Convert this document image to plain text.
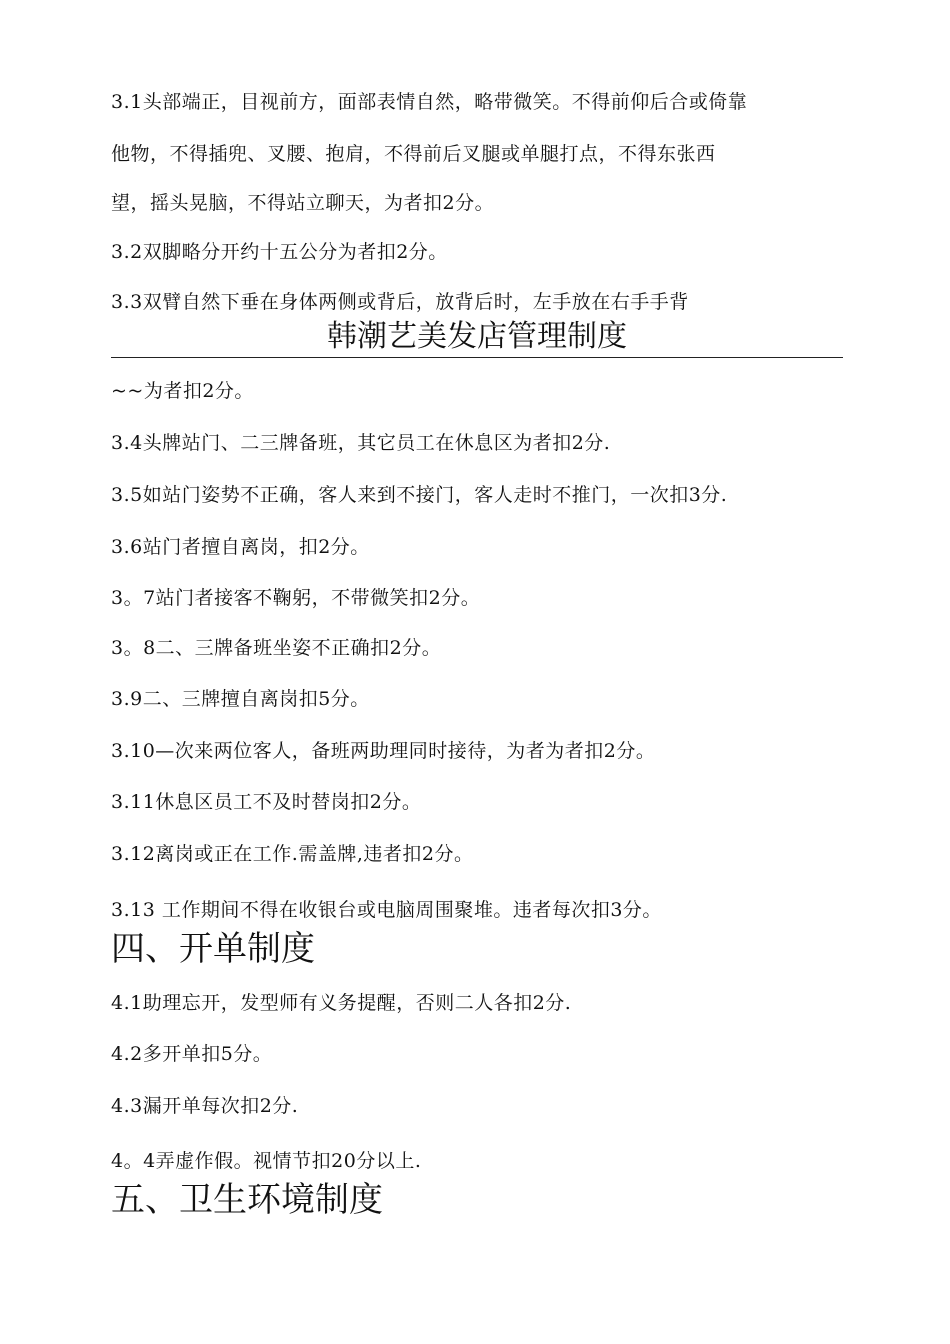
3.1头部端正，目视前方，面部表情自然，略带微笑。不得前仰后合或倚靠
他物，不得插兜、叉腰、抱肩，不得前后叉腿或单腿打点，不得东张西
望，摇头晃脑，不得站立聊天，为者扣2分。
3.2双脚略分开约十五公分为者扣2分。
3.3双臂自然下垂在身体两侧或背后，放背后时，左手放在右手手背
韩潮艺美发店管理制度
~~为者扣2分。
3.4头牌站门、二三牌备班，其它员工在休息区为者扣2分.
3.5如站门姿势不正确，客人来到不接门，客人走时不推门，一次扣3分.
3.6站门者擅自离岗，扣2分。
3。7站门者接客不鞠躬，不带微笑扣2分。
3。8二、三牌备班坐姿不正确扣2分。
3.9二、三牌擅自离岗扣5分。
3.10—次来两位客人，备班两助理同时接待，为者为者扣2分。
3.11休息区员工不及时替岗扣2分。
3.12离岗或正在工作.需盖牌,违者扣2分。
3.13 工作期间不得在收银台或电脑周围聚堆。违者每次扣3分。
四、开单制度
4.1助理忘开，发型师有义务提醒，否则二人各扣2分.
4.2多开单扣5分。
4.3漏开单每次扣2分.
4。4弄虚作假。视情节扣20分以上.
五、卫生环境制度
